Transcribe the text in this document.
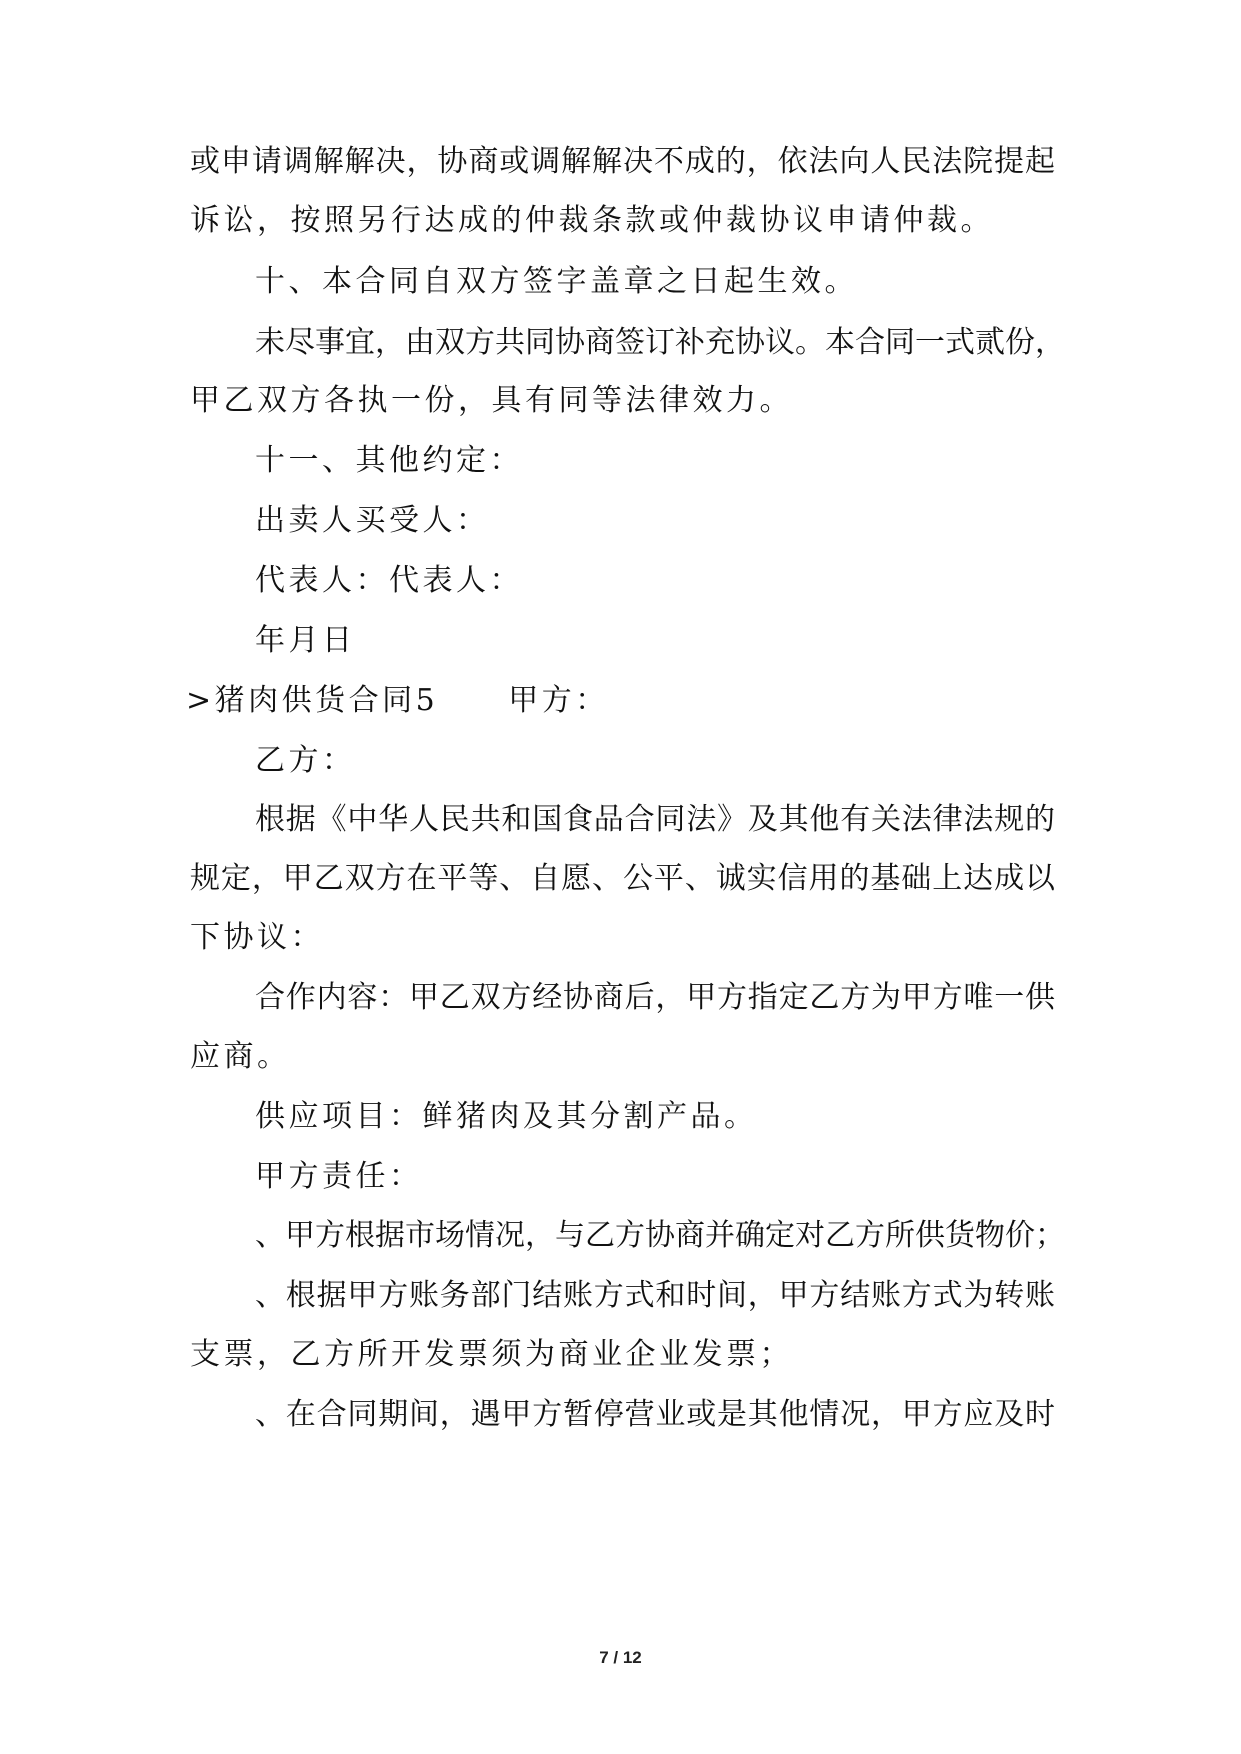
或申请调解解决，协商或调解解决不成的，依法向人民法院提起
诉讼，按照另行达成的仲裁条款或仲裁协议申请仲裁。
十、本合同自双方签字盖章之日起生效。
未尽事宜，由双方共同协商签订补充协议。本合同一式贰份，
甲乙双方各执一份，具有同等法律效力。
十一、其他约定：
出卖人买受人：
代表人：代表人：
年月日
>猪肉供货合同5 甲方：
乙方：
根据《中华人民共和国食品合同法》及其他有关法律法规的
规定，甲乙双方在平等、自愿、公平、诚实信用的基础上达成以
下协议：
合作内容：甲乙双方经协商后，甲方指定乙方为甲方唯一供
应商。
供应项目：鲜猪肉及其分割产品。
甲方责任：
、甲方根据市场情况，与乙方协商并确定对乙方所供货物价；
、根据甲方账务部门结账方式和时间，甲方结账方式为转账
支票，乙方所开发票须为商业企业发票；
、在合同期间，遇甲方暂停营业或是其他情况，甲方应及时
7 / 12
